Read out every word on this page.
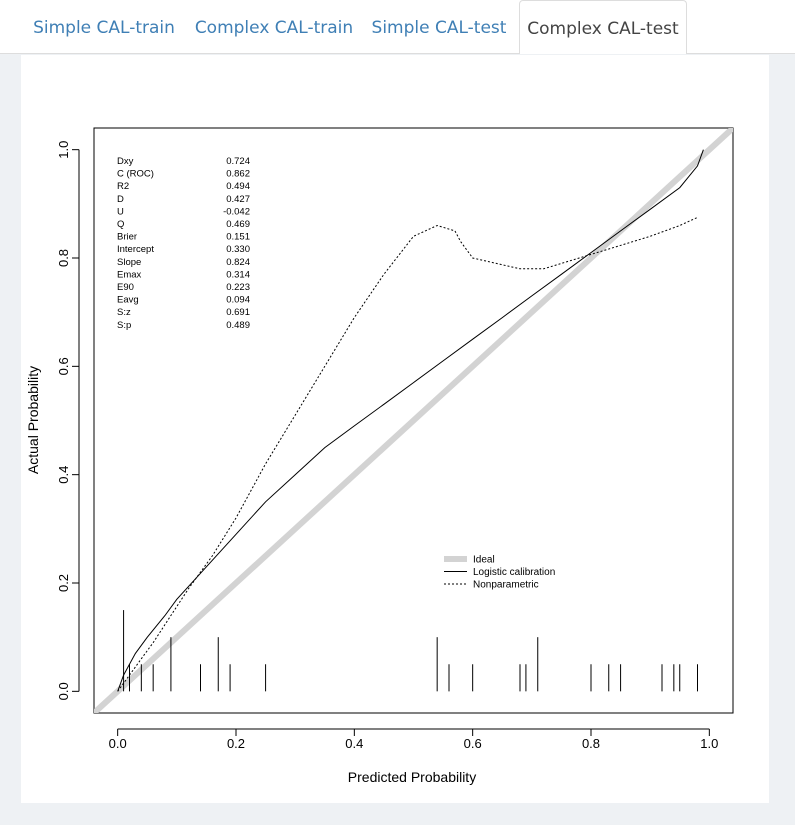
Simple CAL-train	Complex CAL-train	Simple CAL-test	Complex CAL-test
0.0	0.2	0.4	0.6	0.8	1.0
0.0
0.2
0.4
0.6
0.8
1.0
Dxy	0.724
C (ROC)	0.862
R2	0.494
D	0.427
U	-0.042
Q	0.469
Brier	0.151
Intercept	0.330
Slope	0.824
Emax	0.314
E90	0.223
Eavg	0.094
S:z	0.691
S:p	0.489
Ideal
Logistic calibration
Nonparametric
Predicted Probability
Actual Probability
